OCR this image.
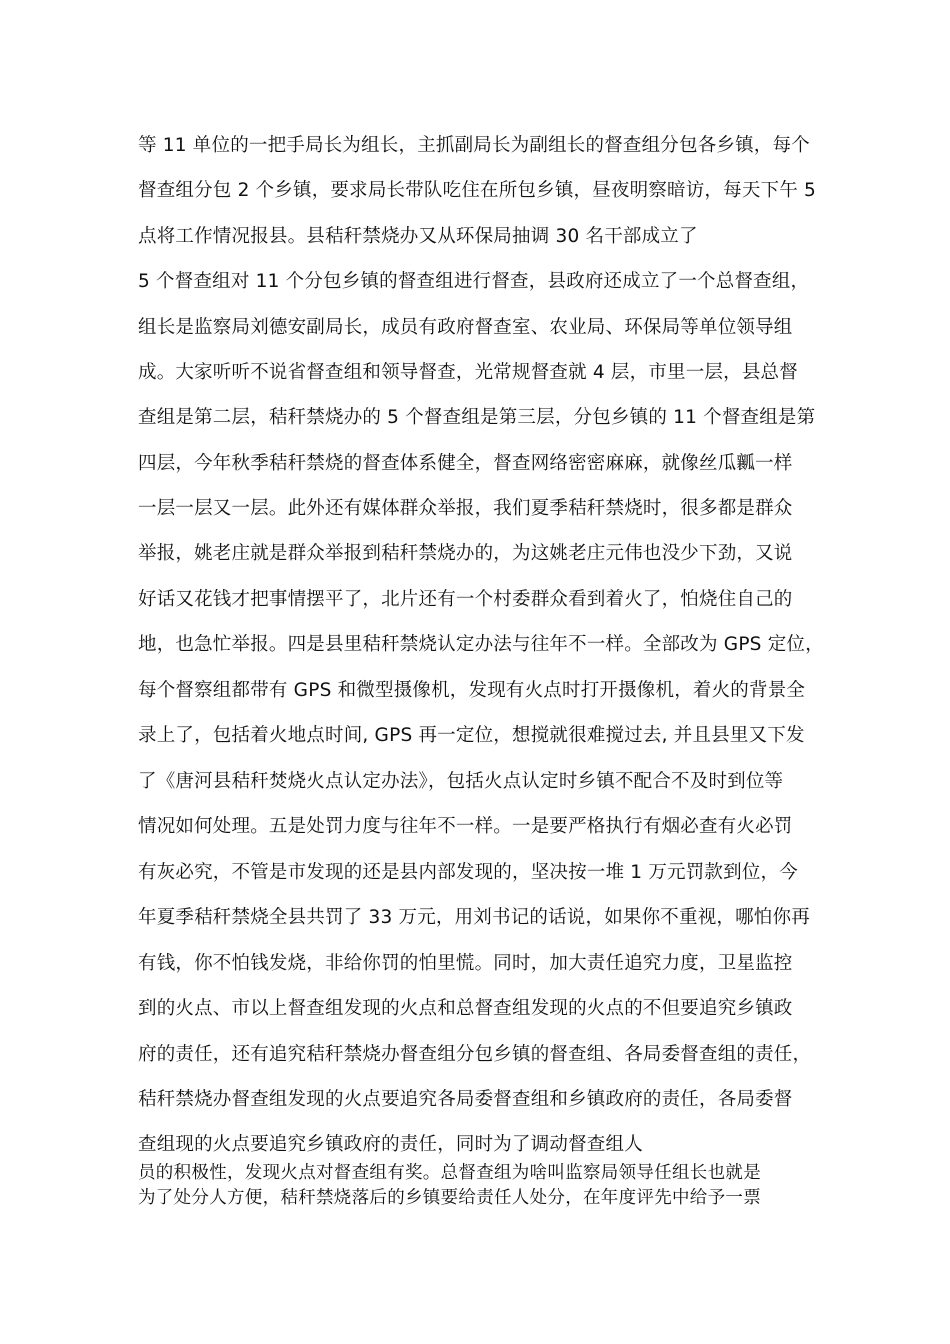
等 11 单位的一把手局长为组长，主抓副局长为副组长的督查组分包各乡镇，每个
督查组分包 2 个乡镇，要求局长带队吃住在所包乡镇，昼夜明察暗访，每天下午 5
点将工作情况报县。县秸秆禁烧办又从环保局抽调 30 名干部成立了
5 个督查组对 11 个分包乡镇的督查组进行督查，县政府还成立了一个总督查组，
组长是监察局刘德安副局长，成员有政府督查室、农业局、环保局等单位领导组
成。大家听听不说省督查组和领导督查，光常规督查就 4 层，市里一层，县总督
查组是第二层，秸秆禁烧办的 5 个督查组是第三层，分包乡镇的 11 个督查组是第
四层，今年秋季秸秆禁烧的督查体系健全，督查网络密密麻麻，就像丝瓜瓤一样
一层一层又一层。此外还有媒体群众举报，我们夏季秸秆禁烧时，很多都是群众
举报，姚老庄就是群众举报到秸秆禁烧办的，为这姚老庄元伟也没少下劲，又说
好话又花钱才把事情摆平了，北片还有一个村委群众看到着火了，怕烧住自己的
地，也急忙举报。四是县里秸秆禁烧认定办法与往年不一样。全部改为 GPS 定位，
每个督察组都带有 GPS 和微型摄像机，发现有火点时打开摄像机，着火的背景全
录上了，包括着火地点时间, GPS 再一定位，想搅就很难搅过去, 并且县里又下发
了《唐河县秸秆焚烧火点认定办法》，包括火点认定时乡镇不配合不及时到位等
情况如何处理。五是处罚力度与往年不一样。一是要严格执行有烟必查有火必罚
有灰必究，不管是市发现的还是县内部发现的，坚决按一堆 1 万元罚款到位，今
年夏季秸秆禁烧全县共罚了 33 万元，用刘书记的话说，如果你不重视，哪怕你再
有钱，你不怕钱发烧，非给你罚的怕里慌。同时，加大责任追究力度，卫星监控
到的火点、市以上督查组发现的火点和总督查组发现的火点的不但要追究乡镇政
府的责任，还有追究秸秆禁烧办督查组分包乡镇的督查组、各局委督查组的责任，
秸秆禁烧办督查组发现的火点要追究各局委督查组和乡镇政府的责任，各局委督
查组现的火点要追究乡镇政府的责任，同时为了调动督查组人
员的积极性，发现火点对督查组有奖。总督查组为啥叫监察局领导任组长也就是
为了处分人方便，秸秆禁烧落后的乡镇要给责任人处分，在年度评先中给予一票
